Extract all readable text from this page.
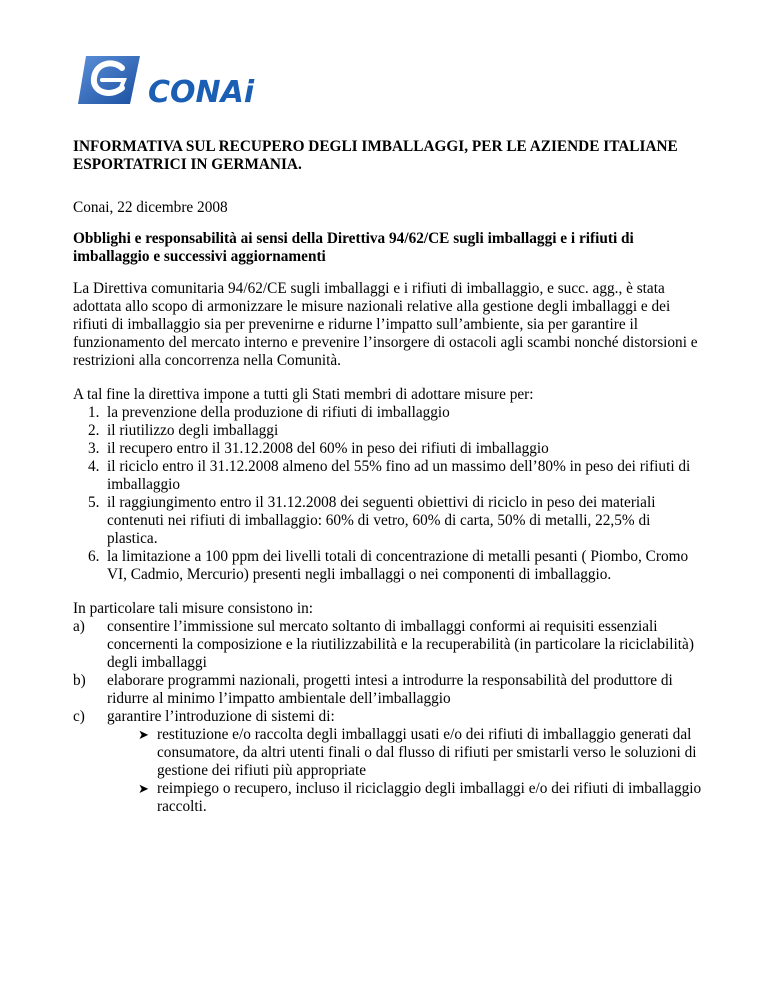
CONAi

INFORMATIVA SUL RECUPERO DEGLI IMBALLAGGI, PER LE AZIENDE ITALIANE ESPORTATRICI IN GERMANIA.

Conai, 22 dicembre 2008

Obblighi e responsabilità ai sensi della Direttiva 94/62/CE sugli imballaggi e i rifiuti di imballaggio e successivi aggiornamenti

La Direttiva comunitaria 94/62/CE sugli imballaggi e i rifiuti di imballaggio, e succ. agg., è stata adottata allo scopo di armonizzare le misure nazionali relative alla gestione degli imballaggi e dei rifiuti di imballaggio sia per prevenirne e ridurne l’impatto sull’ambiente, sia per garantire il funzionamento del mercato interno e prevenire l’insorgere di ostacoli agli scambi nonché distorsioni e restrizioni alla concorrenza nella Comunità.

A tal fine la direttiva impone a tutti gli Stati membri di adottare misure per:

1. la prevenzione della produzione di rifiuti di imballaggio
2. il riutilizzo degli imballaggi
3. il recupero entro il 31.12.2008 del 60% in peso dei rifiuti di imballaggio
4. il riciclo entro il 31.12.2008 almeno del 55% fino ad un massimo dell’80% in peso dei rifiuti di imballaggio
5. il raggiungimento entro il 31.12.2008 dei seguenti obiettivi di riciclo in peso dei materiali contenuti nei rifiuti di imballaggio: 60% di vetro, 60% di carta, 50% di metalli, 22,5% di plastica.
6. la limitazione a 100 ppm dei livelli totali di concentrazione di metalli pesanti ( Piombo, Cromo VI, Cadmio, Mercurio) presenti negli imballaggi o nei componenti di imballaggio.

In particolare tali misure consistono in:

a) consentire l’immissione sul mercato soltanto di imballaggi conformi ai requisiti essenziali concernenti la composizione e la riutilizzabilità e la recuperabilità (in particolare la riciclabilità) degli imballaggi
b) elaborare programmi nazionali, progetti intesi a introdurre la responsabilità del produttore di ridurre al minimo l’impatto ambientale dell’imballaggio
c) garantire l’introduzione di sistemi di:
➤ restituzione e/o raccolta degli imballaggi usati e/o dei rifiuti di imballaggio generati dal consumatore, da altri utenti finali o dal flusso di rifiuti per smistarli verso le soluzioni di gestione dei rifiuti più appropriate
➤ reimpiego o recupero, incluso il riciclaggio degli imballaggi e/o dei rifiuti di imballaggio raccolti.
